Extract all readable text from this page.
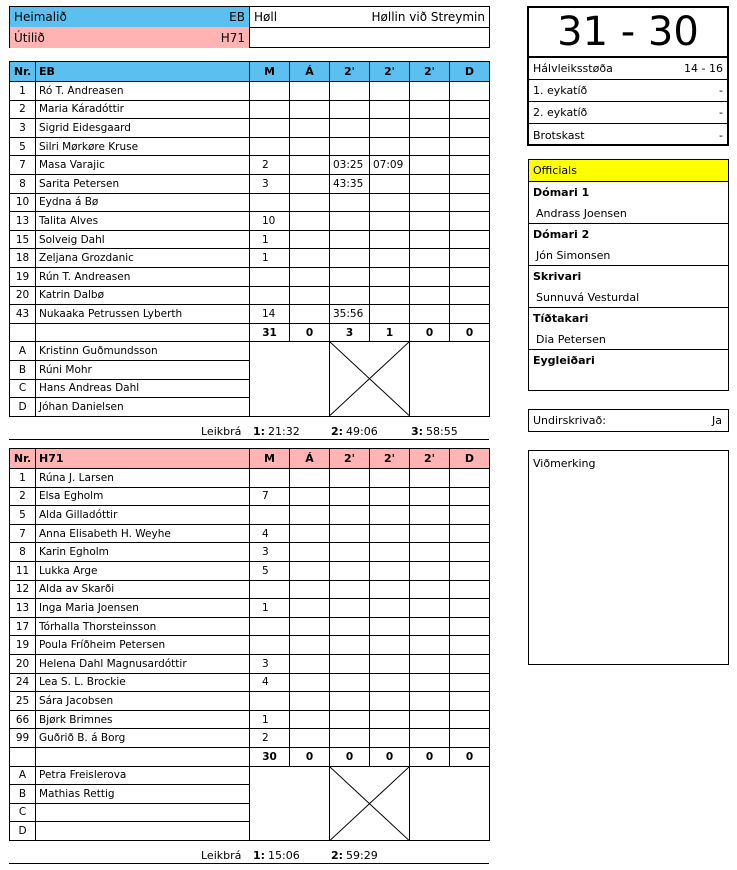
Heimalið	EB
Útilið	H71
Høll	Høllin við Streymin	31 - 30
Hálvleiksstøða	14 - 16
1. eykatíð	-
2. eykatíð	-
Brotskast	-
Officials
Dómari 1
Andrass Joensen
Dómari 2
Jón Simonsen
Skrivari
Sunnuvá Vesturdal
Tíðtakari
Dia Petersen
Eygleiðari
Undirskrivað:	Ja
Viðmerking
Nr.	EB	M	Á	2'	2'	2'	D
1	Ró T. Andreasen						
2	Maria Káradóttir						
3	Sigrid Eidesgaard						
5	Silri Mørkøre Kruse						
7	Masa Varajic	2		03:25	07:09		
8	Sarita Petersen	3		43:35			
10	Eydna á Bø						
13	Talita Alves	10					
15	Solveig Dahl	1					
18	Zeljana Grozdanic	1					
19	Rún T. Andreasen						
20	Katrin Dalbø						
43	Nukaaka Petrussen Lyberth	14		35:56			
		31	0	3	1	0	0
A	Kristinn Guðmundsson		

B	Rúni Mohr						
C	Hans Andreas Dahl						
D	Jóhan Danielsen						
Leikbrá 1: 21:32	2: 49:06	3: 58:55
Nr.	H71	M	Á	2'	2'	2'	D
1	Rúna J. Larsen						
2	Elsa Egholm	7					
5	Alda Gilladóttir						
7	Anna Elisabeth H. Weyhe	4					
8	Karin Egholm	3					
11	Lukka Arge	5					
12	Alda av Skarði						
13	Inga Maria Joensen	1					
17	Tórhalla Thorsteinsson						
19	Poula Fríðheim Petersen						
20	Helena Dahl Magnusardóttir	3					
24	Lea S. L. Brockie	4					
25	Sára Jacobsen						
66	Bjørk Brimnes	1					
99	Guðrið B. á Borg	2					
		30	0	0	0	0	0
A	Petra Freislerova		

B	Mathias Rettig						
C							
D							
Leikbrá 1: 15:06	2: 59:29
